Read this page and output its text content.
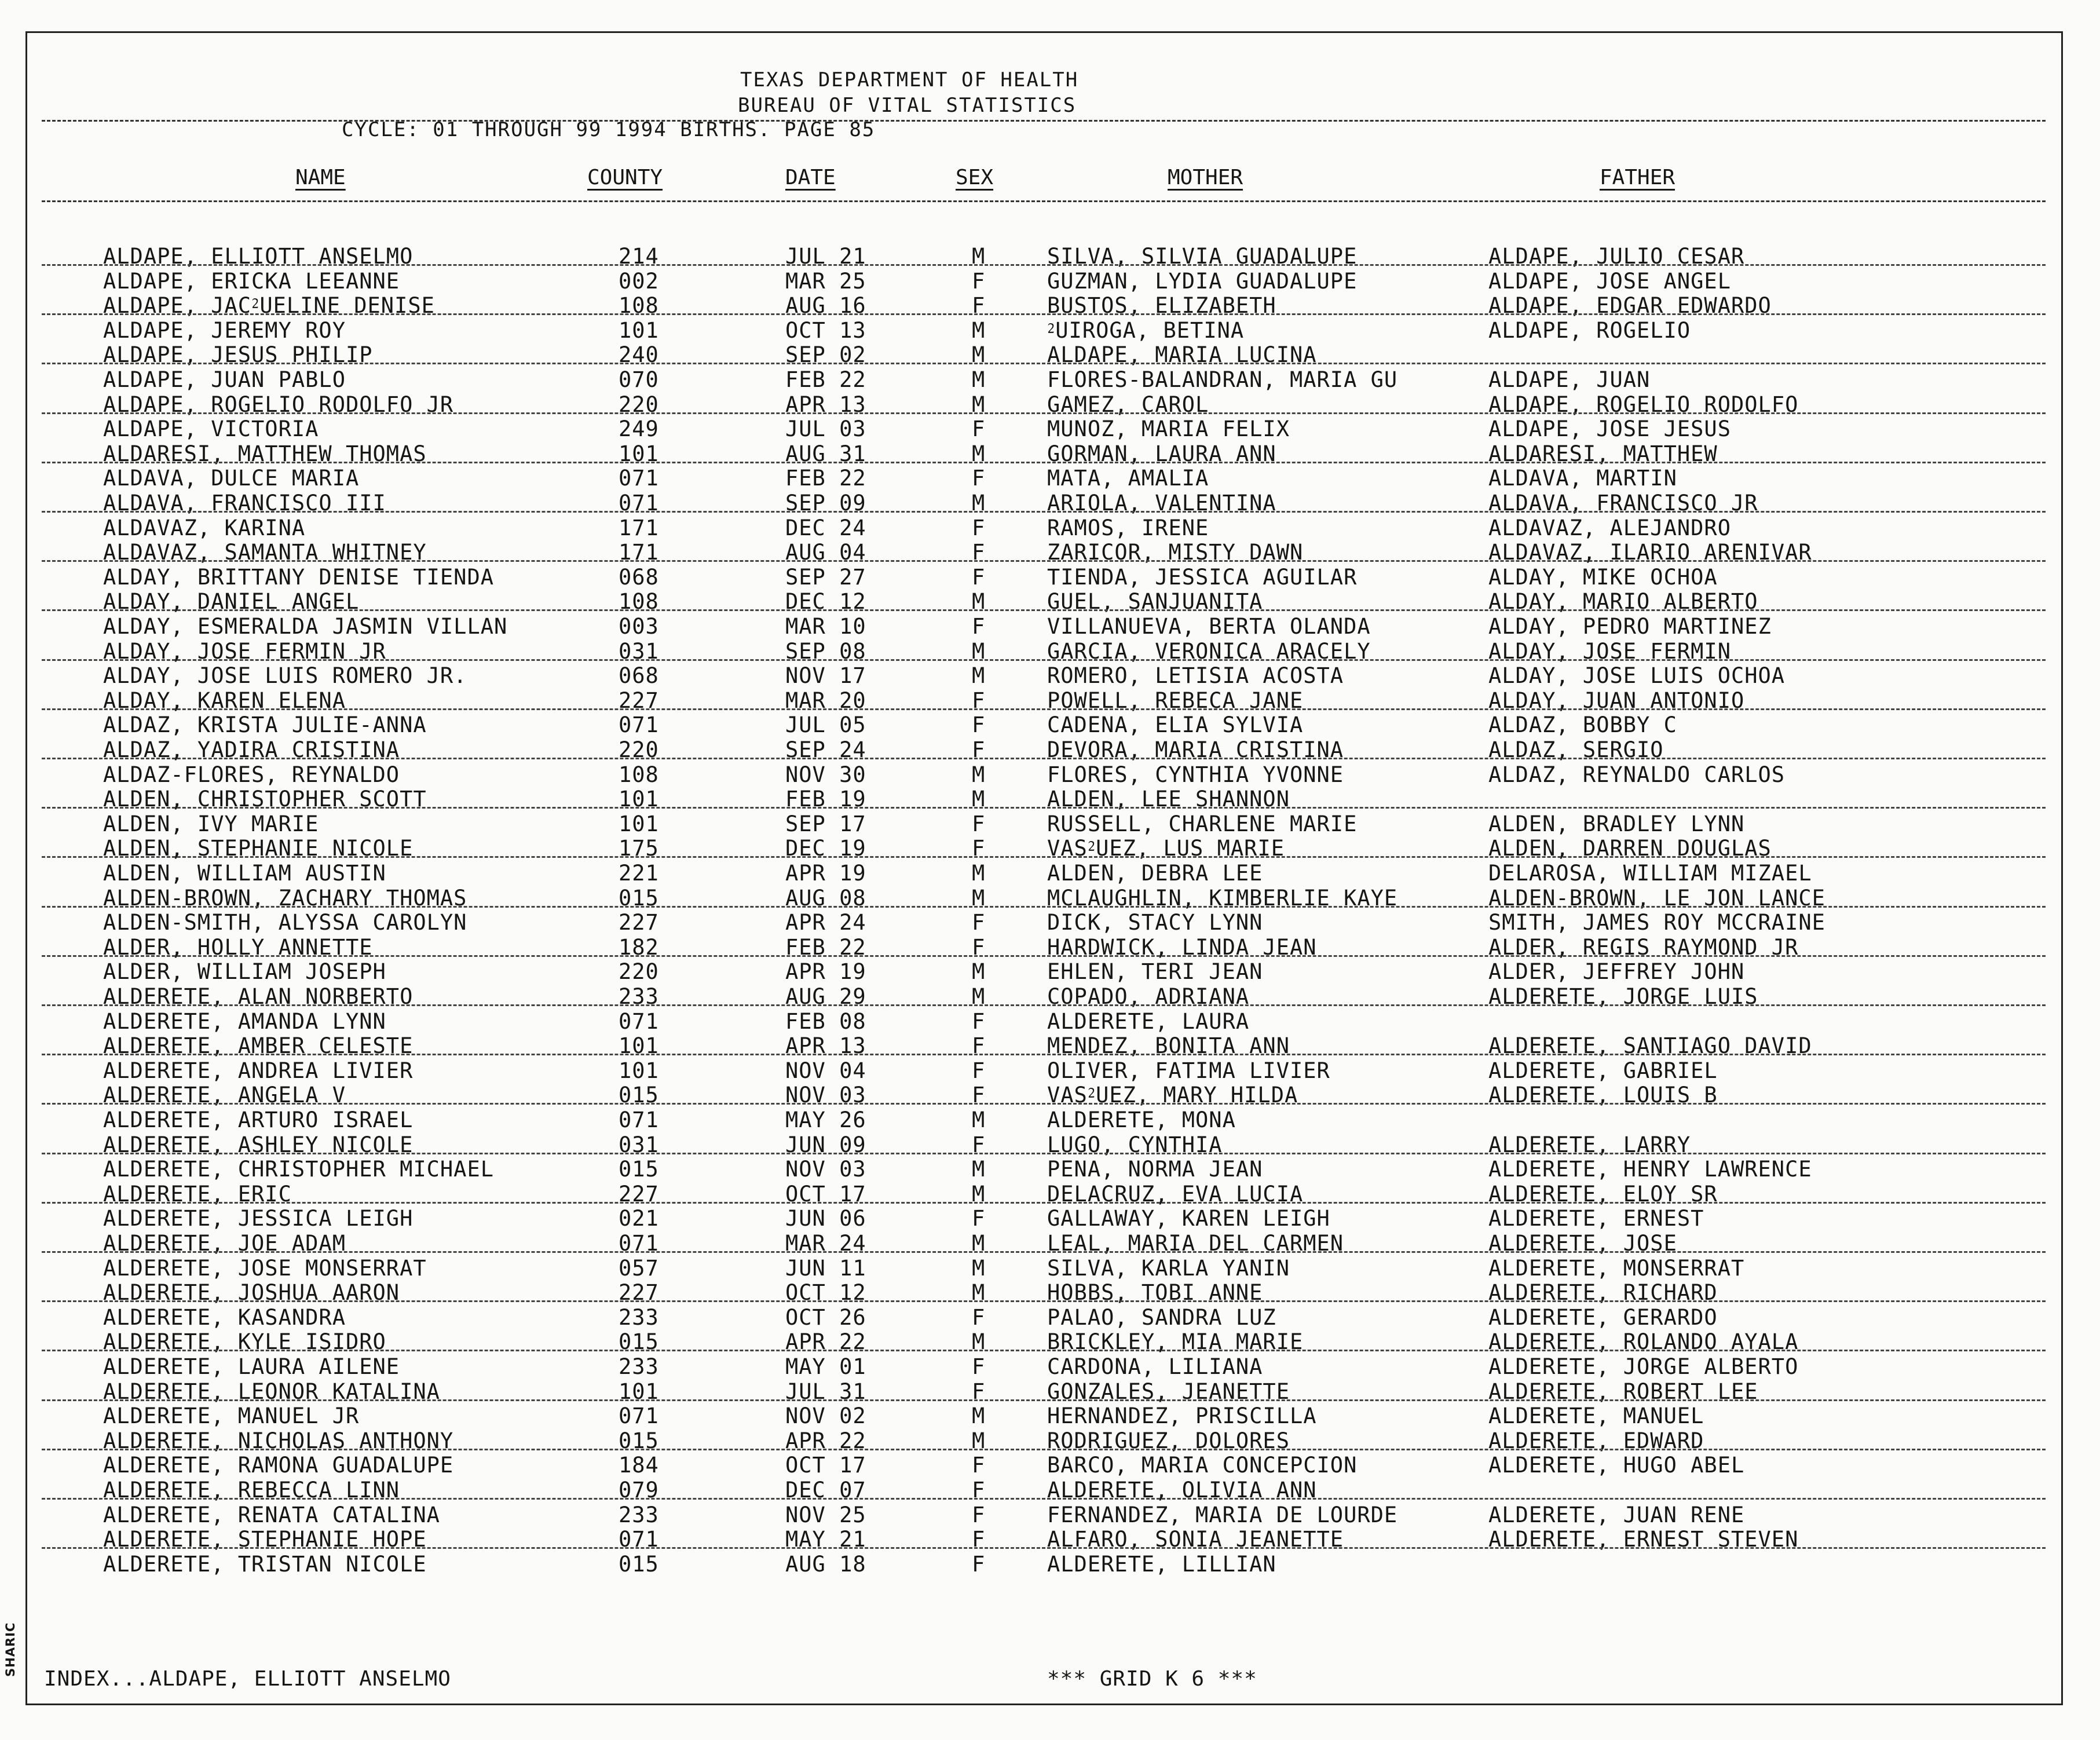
SHARIC
TEXAS DEPARTMENT OF HEALTH
BUREAU OF VITAL STATISTICS
CYCLE: 01 THROUGH 99 1994 BIRTHS. PAGE 85
NAME	COUNTY	DATE	SEX	MOTHER	FATHER
ALDAPE, ELLIOTT ANSELMO	214	JUL 21	M	SILVA, SILVIA GUADALUPE	ALDAPE, JULIO CESAR
ALDAPE, ERICKA LEEANNE	002	MAR 25	F	GUZMAN, LYDIA GUADALUPE	ALDAPE, JOSE ANGEL
ALDAPE, JAC⁲UELINE DENISE	108	AUG 16	F	BUSTOS, ELIZABETH	ALDAPE, EDGAR EDWARDO
ALDAPE, JEREMY ROY	101	OCT 13	M	⁲UIROGA, BETINA	ALDAPE, ROGELIO
ALDAPE, JESUS PHILIP	240	SEP 02	M	ALDAPE, MARIA LUCINA
ALDAPE, JUAN PABLO	070	FEB 22	M	FLORES-BALANDRAN, MARIA GU	ALDAPE, JUAN
ALDAPE, ROGELIO RODOLFO JR	220	APR 13	M	GAMEZ, CAROL	ALDAPE, ROGELIO RODOLFO
ALDAPE, VICTORIA	249	JUL 03	F	MUNOZ, MARIA FELIX	ALDAPE, JOSE JESUS
ALDARESI, MATTHEW THOMAS	101	AUG 31	M	GORMAN, LAURA ANN	ALDARESI, MATTHEW
ALDAVA, DULCE MARIA	071	FEB 22	F	MATA, AMALIA	ALDAVA, MARTIN
ALDAVA, FRANCISCO III	071	SEP 09	M	ARIOLA, VALENTINA	ALDAVA, FRANCISCO JR
ALDAVAZ, KARINA	171	DEC 24	F	RAMOS, IRENE	ALDAVAZ, ALEJANDRO
ALDAVAZ, SAMANTA WHITNEY	171	AUG 04	F	ZARICOR, MISTY DAWN	ALDAVAZ, ILARIO ARENIVAR
ALDAY, BRITTANY DENISE TIENDA	068	SEP 27	F	TIENDA, JESSICA AGUILAR	ALDAY, MIKE OCHOA
ALDAY, DANIEL ANGEL	108	DEC 12	M	GUEL, SANJUANITA	ALDAY, MARIO ALBERTO
ALDAY, ESMERALDA JASMIN VILLAN	003	MAR 10	F	VILLANUEVA, BERTA OLANDA	ALDAY, PEDRO MARTINEZ
ALDAY, JOSE FERMIN JR	031	SEP 08	M	GARCIA, VERONICA ARACELY	ALDAY, JOSE FERMIN
ALDAY, JOSE LUIS ROMERO JR.	068	NOV 17	M	ROMERO, LETISIA ACOSTA	ALDAY, JOSE LUIS OCHOA
ALDAY, KAREN ELENA	227	MAR 20	F	POWELL, REBECA JANE	ALDAY, JUAN ANTONIO
ALDAZ, KRISTA JULIE-ANNA	071	JUL 05	F	CADENA, ELIA SYLVIA	ALDAZ, BOBBY C
ALDAZ, YADIRA CRISTINA	220	SEP 24	F	DEVORA, MARIA CRISTINA	ALDAZ, SERGIO
ALDAZ-FLORES, REYNALDO	108	NOV 30	M	FLORES, CYNTHIA YVONNE	ALDAZ, REYNALDO CARLOS
ALDEN, CHRISTOPHER SCOTT	101	FEB 19	M	ALDEN, LEE SHANNON
ALDEN, IVY MARIE	101	SEP 17	F	RUSSELL, CHARLENE MARIE	ALDEN, BRADLEY LYNN
ALDEN, STEPHANIE NICOLE	175	DEC 19	F	VAS⁲UEZ, LUS MARIE	ALDEN, DARREN DOUGLAS
ALDEN, WILLIAM AUSTIN	221	APR 19	M	ALDEN, DEBRA LEE	DELAROSA, WILLIAM MIZAEL
ALDEN-BROWN, ZACHARY THOMAS	015	AUG 08	M	MCLAUGHLIN, KIMBERLIE KAYE	ALDEN-BROWN, LE JON LANCE
ALDEN-SMITH, ALYSSA CAROLYN	227	APR 24	F	DICK, STACY LYNN	SMITH, JAMES ROY MCCRAINE
ALDER, HOLLY ANNETTE	182	FEB 22	F	HARDWICK, LINDA JEAN	ALDER, REGIS RAYMOND JR
ALDER, WILLIAM JOSEPH	220	APR 19	M	EHLEN, TERI JEAN	ALDER, JEFFREY JOHN
ALDERETE, ALAN NORBERTO	233	AUG 29	M	COPADO, ADRIANA	ALDERETE, JORGE LUIS
ALDERETE, AMANDA LYNN	071	FEB 08	F	ALDERETE, LAURA
ALDERETE, AMBER CELESTE	101	APR 13	F	MENDEZ, BONITA ANN	ALDERETE, SANTIAGO DAVID
ALDERETE, ANDREA LIVIER	101	NOV 04	F	OLIVER, FATIMA LIVIER	ALDERETE, GABRIEL
ALDERETE, ANGELA V	015	NOV 03	F	VAS⁲UEZ, MARY HILDA	ALDERETE, LOUIS B
ALDERETE, ARTURO ISRAEL	071	MAY 26	M	ALDERETE, MONA
ALDERETE, ASHLEY NICOLE	031	JUN 09	F	LUGO, CYNTHIA	ALDERETE, LARRY
ALDERETE, CHRISTOPHER MICHAEL	015	NOV 03	M	PENA, NORMA JEAN	ALDERETE, HENRY LAWRENCE
ALDERETE, ERIC	227	OCT 17	M	DELACRUZ, EVA LUCIA	ALDERETE, ELOY SR
ALDERETE, JESSICA LEIGH	021	JUN 06	F	GALLAWAY, KAREN LEIGH	ALDERETE, ERNEST
ALDERETE, JOE ADAM	071	MAR 24	M	LEAL, MARIA DEL CARMEN	ALDERETE, JOSE
ALDERETE, JOSE MONSERRAT	057	JUN 11	M	SILVA, KARLA YANIN	ALDERETE, MONSERRAT
ALDERETE, JOSHUA AARON	227	OCT 12	M	HOBBS, TOBI ANNE	ALDERETE, RICHARD
ALDERETE, KASANDRA	233	OCT 26	F	PALAO, SANDRA LUZ	ALDERETE, GERARDO
ALDERETE, KYLE ISIDRO	015	APR 22	M	BRICKLEY, MIA MARIE	ALDERETE, ROLANDO AYALA
ALDERETE, LAURA AILENE	233	MAY 01	F	CARDONA, LILIANA	ALDERETE, JORGE ALBERTO
ALDERETE, LEONOR KATALINA	101	JUL 31	F	GONZALES, JEANETTE	ALDERETE, ROBERT LEE
ALDERETE, MANUEL JR	071	NOV 02	M	HERNANDEZ, PRISCILLA	ALDERETE, MANUEL
ALDERETE, NICHOLAS ANTHONY	015	APR 22	M	RODRIGUEZ, DOLORES	ALDERETE, EDWARD
ALDERETE, RAMONA GUADALUPE	184	OCT 17	F	BARCO, MARIA CONCEPCION	ALDERETE, HUGO ABEL
ALDERETE, REBECCA LINN	079	DEC 07	F	ALDERETE, OLIVIA ANN
ALDERETE, RENATA CATALINA	233	NOV 25	F	FERNANDEZ, MARIA DE LOURDE	ALDERETE, JUAN RENE
ALDERETE, STEPHANIE HOPE	071	MAY 21	F	ALFARO, SONIA JEANETTE	ALDERETE, ERNEST STEVEN
ALDERETE, TRISTAN NICOLE	015	AUG 18	F	ALDERETE, LILLIAN
INDEX...ALDAPE, ELLIOTT ANSELMO	*** GRID K 6 ***
